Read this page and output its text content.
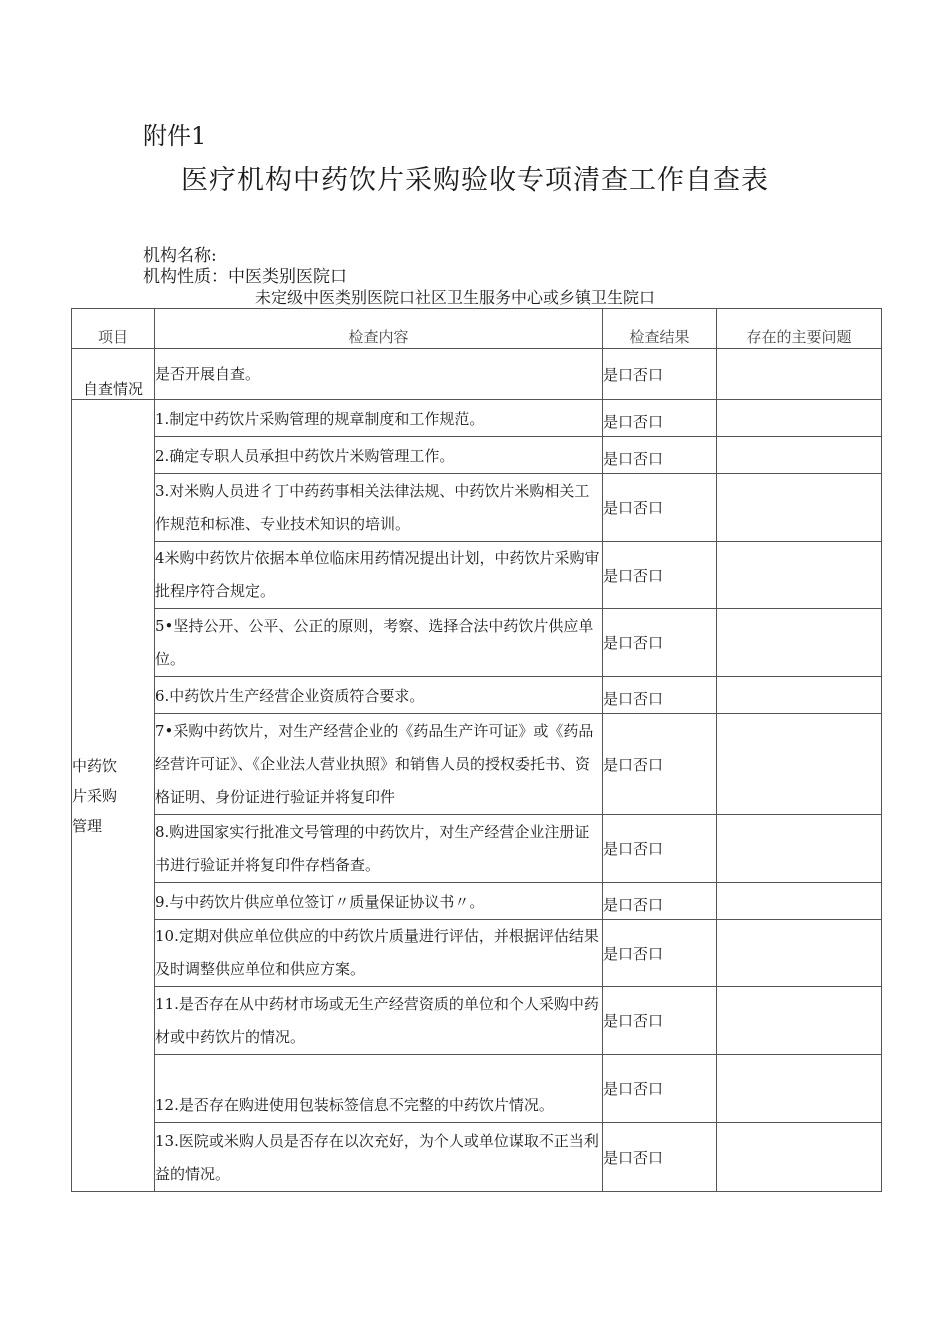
附件1
医疗机构中药饮片采购验收专项清查工作自查表
机构名称:
机构性质：中医类别医院口
未定级中医类别医院口社区卫生服务中心或乡镇卫生院口
项目	检查内容	检查结果	存在的主要问题
自查情况	是否开展自查。	是口否口	

中药饮
片采购
管理	1.制定中药饮片采购管理的规章制度和工作规范。	是口否口	
	2.确定专职人员承担中药饮片米购管理工作。	是口否口	
	3.对米购人员进彳丁中药药事相关法律法规、中药饮片米购相关工作规范和标准、专业技术知识的培训。	是口否口	
	4米购中药饮片依据本单位临床用药情况提出计划，中药饮片采购审批程序符合规定。	是口否口	
	5•坚持公开、公平、公正的原则，考察、选择合法中药饮片供应单位。	是口否口	
	6.中药饮片生产经营企业资质符合要求。	是口否口	
	7•采购中药饮片，对生产经营企业的《药品生产许可证》或《药品经营许可证》、《企业法人营业执照》和销售人员的授权委托书、资格证明、身份证进行验证并将复印件	是口否口	
	8.购进国家实行批准文号管理的中药饮片，对生产经营企业注册证书进行验证并将复印件存档备查。	是口否口	
	9.与中药饮片供应单位签订〃质量保证协议书〃。	是口否口	
	10.定期对供应单位供应的中药饮片质量进行评估，并根据评估结果及时调整供应单位和供应方案。	是口否口	
	11.是否存在从中药材市场或无生产经营资质的单位和个人采购中药材或中药饮片的情况。	是口否口	
	12.是否存在购进使用包装标签信息不完整的中药饮片情况。	是口否口	
	13.医院或米购人员是否存在以次充好，为个人或单位谋取不正当利益的情况。	是口否口	
